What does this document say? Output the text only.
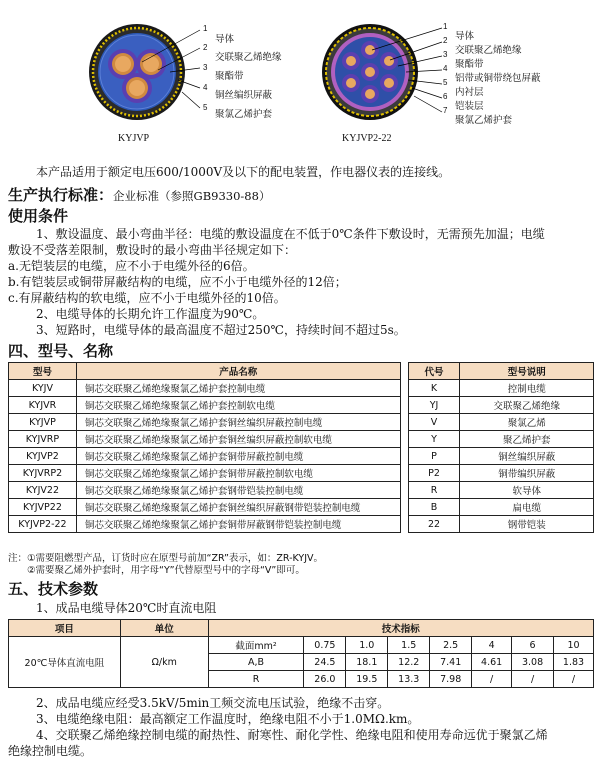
1
2
3
4
5
导体
交联聚乙烯绝缘
聚酯带
铜丝编织屏蔽
聚氯乙烯护套
KYJVP
1
2
3
4
5
6
7
导体
交联聚乙烯绝缘
聚酯带
铝带或铜带绕包屏蔽
内衬层
铠装层
聚氯乙烯护套
KYJVP2-22
本产品适用于额定电压600/1000V及以下的配电装置，作电器仪表的连接线。
生产执行标准：企业标准（参照GB9330-88）
使用条件
1、敷设温度、最小弯曲半径：电缆的敷设温度在不低于0℃条件下敷设时，无需预先加温；电缆
敷设不受落差限制，敷设时的最小弯曲半径规定如下：
a.无铠装层的电缆，应不小于电缆外径的6倍。
b.有铠装层或铜带屏蔽结构的电缆，应不小于电缆外径的12倍；
c.有屏蔽结构的软电缆，应不小于电缆外径的10倍。
2、电缆导体的长期允许工作温度为90℃。
3、短路时，电缆导体的最高温度不超过250℃，持续时间不超过5s。
四、型号、名称
型号	产品名称		代号	型号说明
KYJV	铜芯交联聚乙烯绝缘聚氯乙烯护套控制电缆		K	控制电缆
KYJVR	铜芯交联聚乙烯绝缘聚氯乙烯护套控制软电缆		YJ	交联聚乙烯绝缘
KYJVP	铜芯交联聚乙烯绝缘聚氯乙烯护套铜丝编织屏蔽控制电缆		V	聚氯乙烯
KYJVRP	铜芯交联聚乙烯绝缘聚氯乙烯护套铜丝编织屏蔽控制软电缆		Y	聚乙烯护套
KYJVP2	铜芯交联聚乙烯绝缘聚氯乙烯护套铜带屏蔽控制电缆		P	铜丝编织屏蔽
KYJVRP2	铜芯交联聚乙烯绝缘聚氯乙烯护套铜带屏蔽控制软电缆		P2	铜带编织屏蔽
KYJV22	铜芯交联聚乙烯绝缘聚氯乙烯护套钢带铠装控制电缆		R	软导体
KYJVP22	铜芯交联聚乙烯绝缘聚氯乙烯护套铜丝编织屏蔽钢带铠装控制电缆		B	扁电缆
KYJVP2-22	铜芯交联聚乙烯绝缘聚氯乙烯护套铜带屏蔽钢带铠装控制电缆		22	钢带铠装
注：①需要阻燃型产品，订货时应在原型号前加“ZR”表示，如：ZR-KYJV。
　　②需要聚乙烯外护套时，用字母“Y”代替原型号中的字母“V”即可。
五、技术参数
1、成品电缆导体20℃时直流电阻
项目	单位	技术指标							
20℃导体直流电阻	Ω/km	截面mm²	0.75	1.0	1.5	2.5	4	6	10
		A,B	24.5	18.1	12.2	7.41	4.61	3.08	1.83
		R	26.0	19.5	13.3	7.98	/	/	/
2、成品电缆应经受3.5kV/5min工频交流电压试验，绝缘不击穿。
3、电缆绝缘电阻：最高额定工作温度时，绝缘电阻不小于1.0MΩ.km。
4、交联聚乙烯绝缘控制电缆的耐热性、耐寒性、耐化学性、绝缘电阻和使用寿命远优于聚氯乙烯
绝缘控制电缆。
